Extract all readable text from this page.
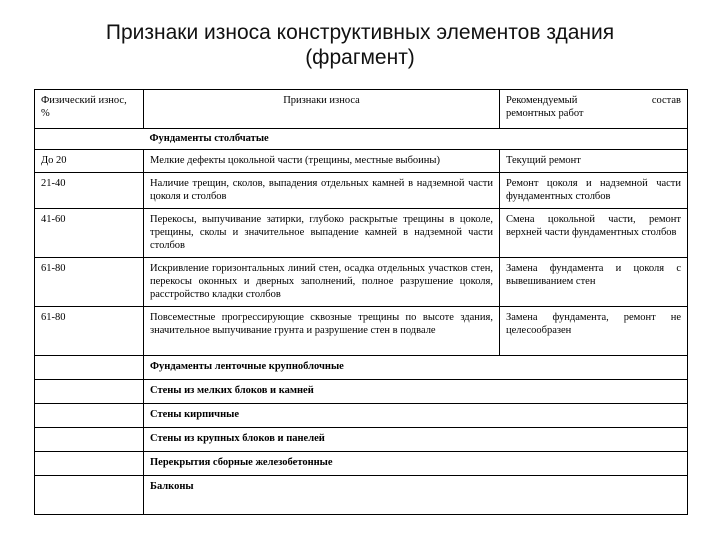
Признаки износа конструктивных элементов здания
(фрагмент)
Физический износ, %	Признаки износа	Рекомендуемый состав
ремонтных работ

	Фундаменты столбчатые	
До 20	Мелкие дефекты цокольной части (трещины, местные выбоины)	Текущий ремонт
21-40	Наличие трещин, сколов, выпадения отдельных камней в надземной части цоколя и столбов	Ремонт цоколя и надземной части фундаментных столбов
41-60	Перекосы, выпучивание затирки, глубоко раскрытые трещины в цоколе, трещины, сколы и значительное выпадение камней в надземной части столбов	Смена цокольной части, ремонт верхней части фундаментных столбов
61-80	Искривление горизонтальных линий стен, осадка отдельных участков стен, перекосы оконных и дверных заполнений, полное разрушение цоколя, расстройство кладки столбов	Замена фундамента и цоколя с вывешиванием стен
61-80	Повсеместные прогрессирующие сквозные трещины по высоте здания, значительное выпучивание грунта и разрушение стен в подвале	Замена фундамента, ремонт не целесообразен
	Фундаменты ленточные крупноблочные	
	Стены из мелких блоков и камней	
	Стены кирпичные	
	Стены из крупных блоков и панелей	
	Перекрытия сборные железобетонные	
	Балконы	
